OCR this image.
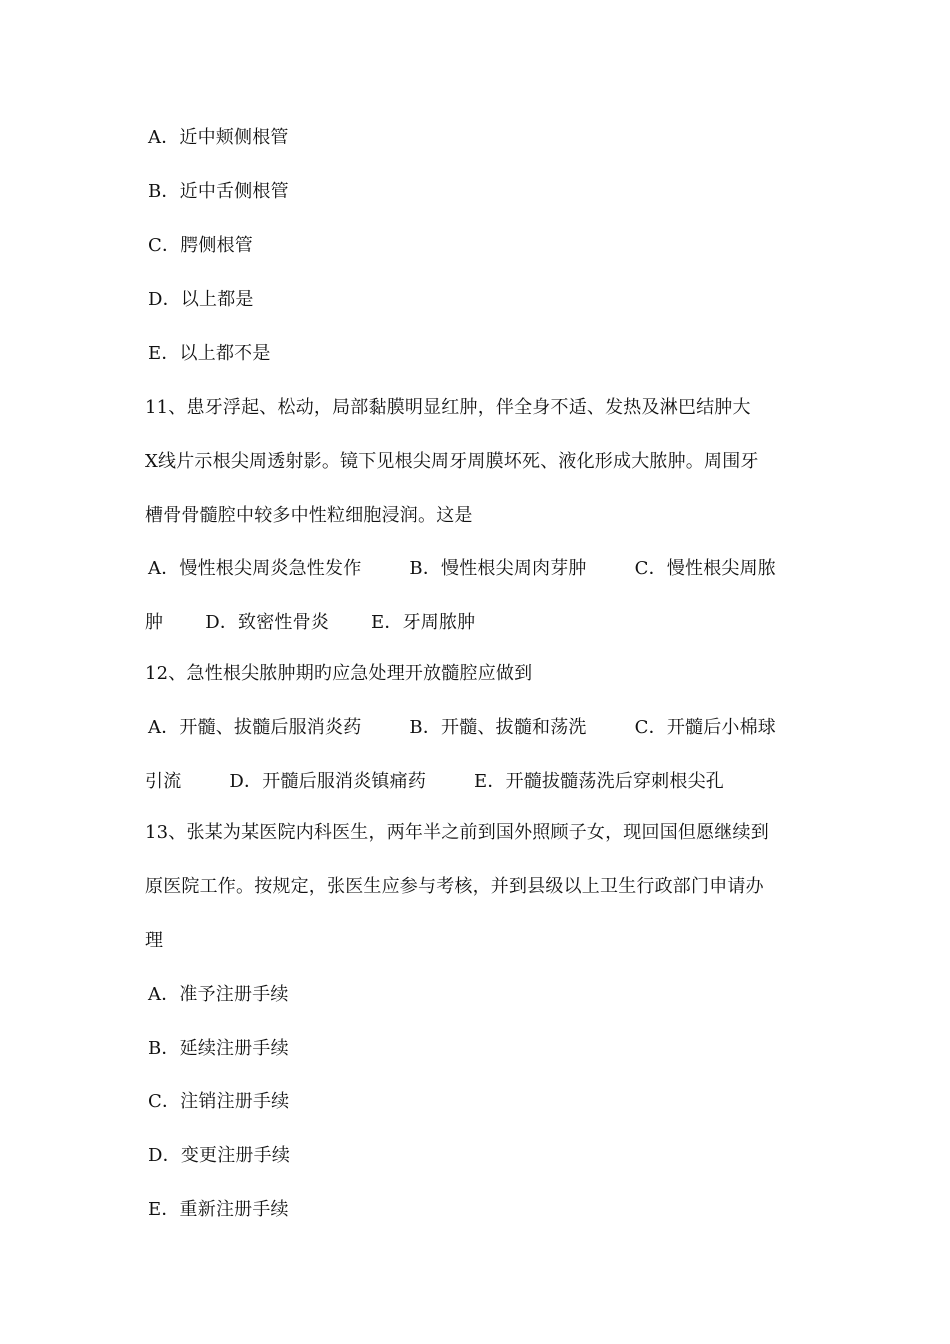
A．近中颊侧根管
B．近中舌侧根管
C．腭侧根管
D．以上都是
E．以上都不是
11、患牙浮起、松动，局部黏膜明显红肿，伴全身不适、发热及淋巴结肿大
X线片示根尖周透射影。镜下见根尖周牙周膜坏死、液化形成大脓肿。周围牙
槽骨骨髓腔中较多中性粒细胞浸润。这是
A．慢性根尖周炎急性发作	B．慢性根尖周肉芽肿	C．慢性根尖周脓
肿 D．致密性骨炎 E．牙周脓肿
12、急性根尖脓肿期旳应急处理开放髓腔应做到
A．开髓、拔髓后服消炎药	B．开髓、拔髓和荡洗	C．开髓后小棉球
引流	D．开髓后服消炎镇痛药	E．开髓拔髓荡洗后穿刺根尖孔
13、张某为某医院内科医生，两年半之前到国外照顾子女，现回国但愿继续到
原医院工作。按规定，张医生应参与考核，并到县级以上卫生行政部门申请办
理
A．准予注册手续
B．延续注册手续
C．注销注册手续
D．变更注册手续
E．重新注册手续
